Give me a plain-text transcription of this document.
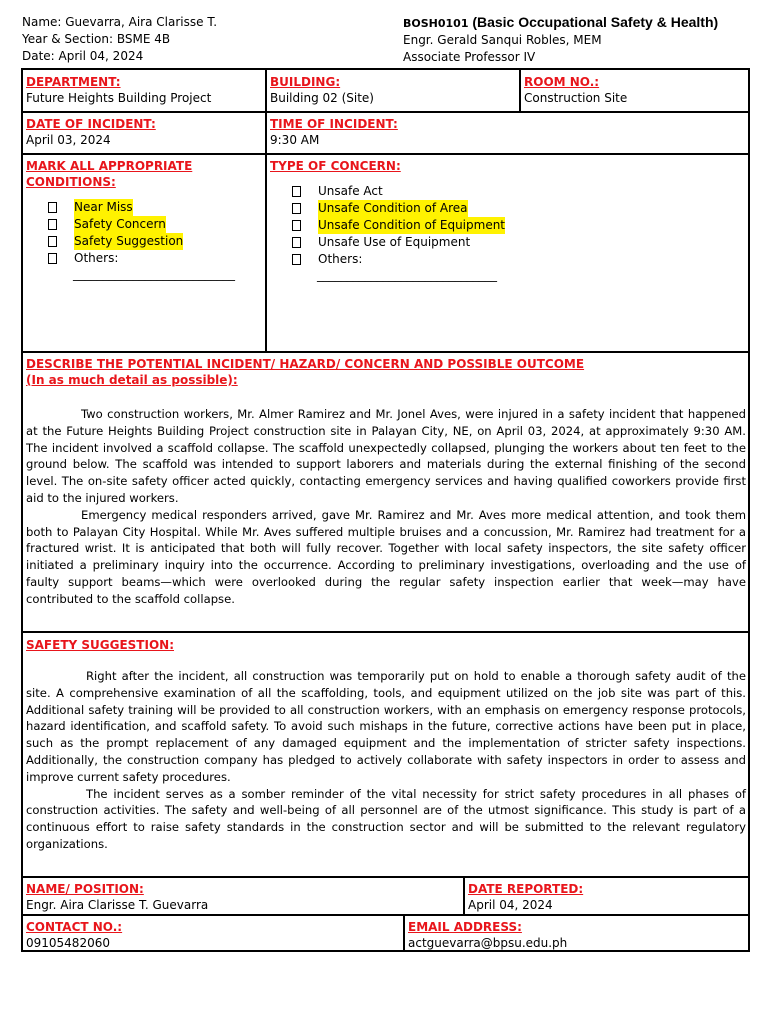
Name: Guevarra, Aira Clarisse T.
Year & Section: BSME 4B
Date: April 04, 2024
BOSH0101 (Basic Occupational Safety & Health)
Engr. Gerald Sanqui Robles, MEM
Associate Professor IV
DEPARTMENT:
Future Heights Building Project
BUILDING:
Building 02 (Site)
ROOM NO.:
Construction Site
DATE OF INCIDENT:
April 03, 2024
TIME OF INCIDENT:
9:30 AM
MARK ALL APPROPRIATE CONDITIONS:
Near Miss
Safety Concern
Safety Suggestion
Others:
___________________________
TYPE OF CONCERN:
Unsafe Act
Unsafe Condition of Area
Unsafe Condition of Equipment
Unsafe Use of Equipment
Others:
______________________________
DESCRIBE THE POTENTIAL INCIDENT/ HAZARD/ CONCERN AND POSSIBLE OUTCOME
(In as much detail as possible):

Two construction workers, Mr. Almer Ramirez and Mr. Jonel Aves, were injured in a safety incident that happened at the Future Heights Building Project construction site in Palayan City, NE, on April 03, 2024, at approximately 9:30 AM. The incident involved a scaffold collapse. The scaffold unexpectedly collapsed, plunging the workers about ten feet to the ground below. The scaffold was intended to support laborers and materials during the external finishing of the second level. The on-site safety officer acted quickly, contacting emergency services and having qualified coworkers provide first aid to the injured workers.

Emergency medical responders arrived, gave Mr. Ramirez and Mr. Aves more medical attention, and took them both to Palayan City Hospital. While Mr. Aves suffered multiple bruises and a concussion, Mr. Ramirez had treatment for a fractured wrist. It is anticipated that both will fully recover. Together with local safety inspectors, the site safety officer initiated a preliminary inquiry into the occurrence. According to preliminary investigations, overloading and the use of faulty support beams—which were overlooked during the regular safety inspection earlier that week—may have contributed to the scaffold collapse.

SAFETY SUGGESTION:

Right after the incident, all construction was temporarily put on hold to enable a thorough safety audit of the site. A comprehensive examination of all the scaffolding, tools, and equipment utilized on the job site was part of this. Additional safety training will be provided to all construction workers, with an emphasis on emergency response protocols, hazard identification, and scaffold safety. To avoid such mishaps in the future, corrective actions have been put in place, such as the prompt replacement of any damaged equipment and the implementation of stricter safety inspections. Additionally, the construction company has pledged to actively collaborate with safety inspectors in order to assess and improve current safety procedures.

The incident serves as a somber reminder of the vital necessity for strict safety procedures in all phases of construction activities. The safety and well-being of all personnel are of the utmost significance. This study is part of a continuous effort to raise safety standards in the construction sector and will be submitted to the relevant regulatory organizations.

NAME/ POSITION:
Engr. Aira Clarisse T. Guevarra
DATE REPORTED:
April 04, 2024
CONTACT NO.:
09105482060
EMAIL ADDRESS:
actguevarra@bpsu.edu.ph
